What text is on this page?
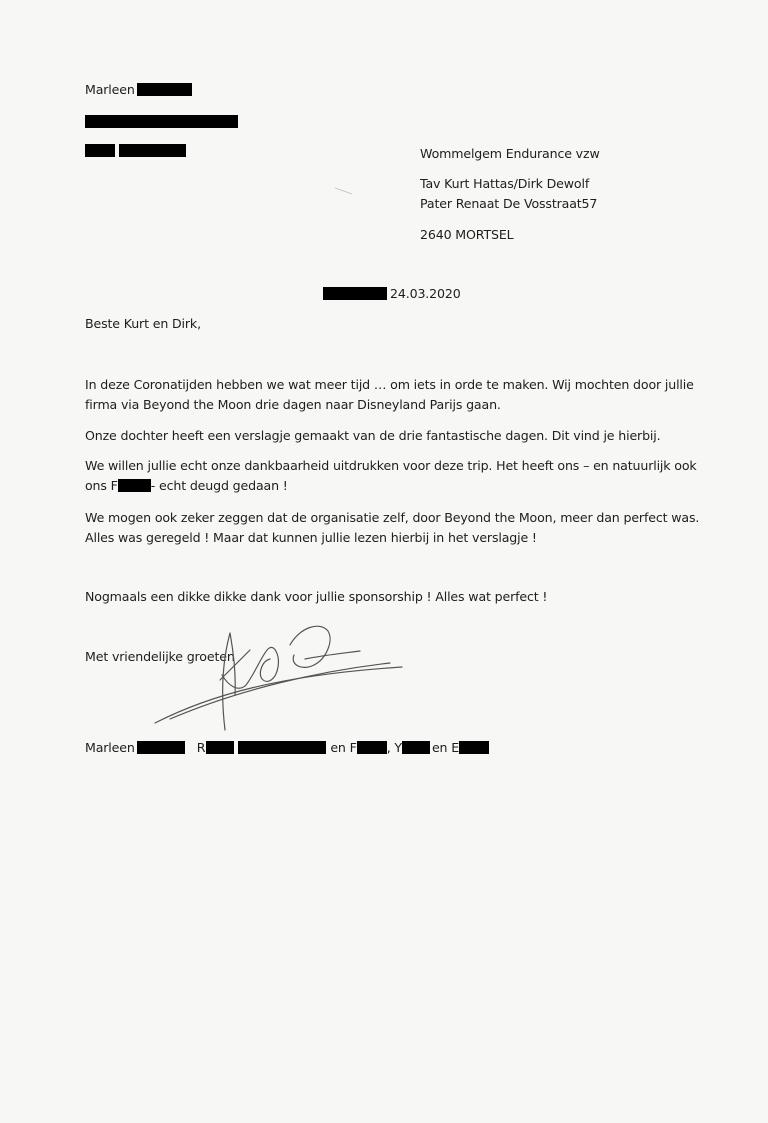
Marleen
Wommelgem Endurance vzw
Tav Kurt Hattas/Dirk Dewolf
Pater Renaat De Vosstraat57
2640 MORTSEL
24.03.2020
Beste Kurt en Dirk,
In deze Coronatijden hebben we wat meer tijd … om iets in orde te maken. Wij mochten door jullie
firma via Beyond the Moon drie dagen naar Disneyland Parijs gaan.
Onze dochter heeft een verslagje gemaakt van de drie fantastische dagen. Dit vind je hierbij.
We willen jullie echt onze dankbaarheid uitdrukken voor deze trip. Het heeft ons – en natuurlijk ook
ons F	- echt deugd gedaan !
We mogen ook zeker zeggen dat de organisatie zelf, door Beyond the Moon, meer dan perfect was.
Alles was geregeld ! Maar dat kunnen jullie lezen hierbij in het verslagje !
Nogmaals een dikke dikke dank voor jullie sponsorship ! Alles wat perfect !
Met vriendelijke groeten
Marleen	R	en F , Y en E
